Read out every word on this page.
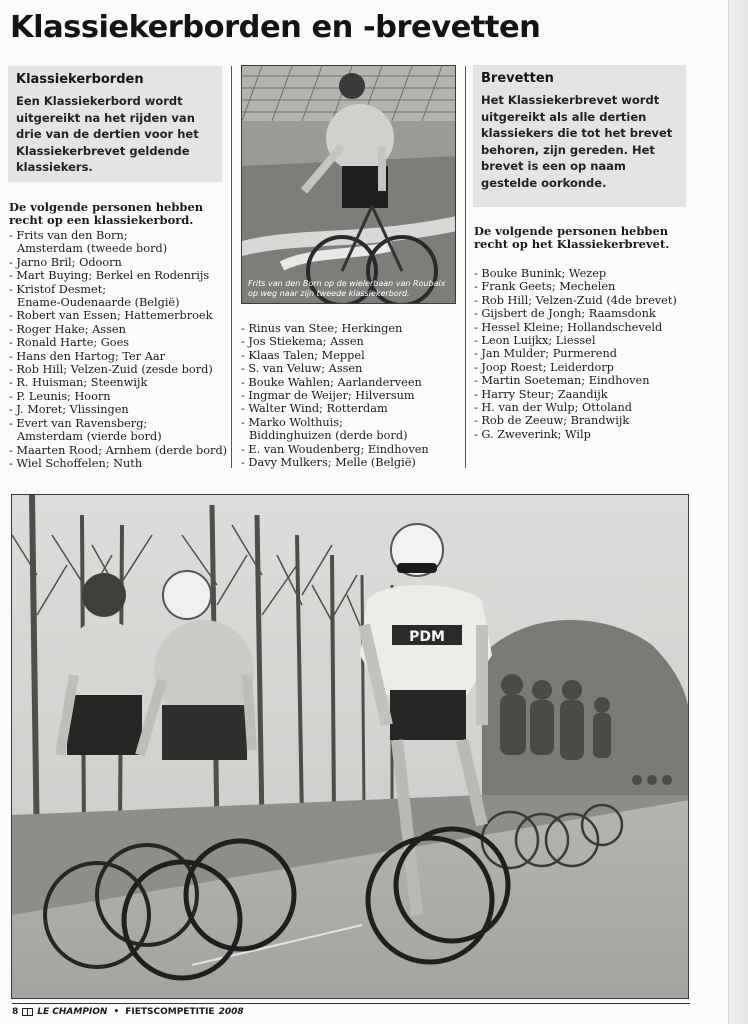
Klassiekerborden en -brevetten
Klassiekerborden

Een Klassiekerbord wordt uitgereikt na het rijden van drie van de dertien voor het Klassiekerbrevet geldende klassiekers.

Brevetten

Het Klassiekerbrevet wordt uitgereikt als alle dertien klassiekers die tot het brevet behoren, zijn gereden. Het brevet is een op naam gestelde oorkonde.

De volgende personen hebben recht op een klassiekerbord.
- Frits van den Born;
Amsterdam (tweede bord)
- Jarno Bril; Odoorn
- Mart Buying; Berkel en Rodenrijs
- Kristof Desmet;
Ename-Oudenaarde (België)
- Robert van Essen; Hattemerbroek
- Roger Hake; Assen
- Ronald Harte; Goes
- Hans den Hartog; Ter Aar
- Rob Hill; Velzen-Zuid (zesde bord)
- R. Huisman; Steenwijk
- P. Leunis; Hoorn
- J. Moret; Vlissingen
- Evert van Ravensberg;
Amsterdam (vierde bord)
- Maarten Rood; Arnhem (derde bord)
- Wiel Schoffelen; Nuth
- Rinus van Stee; Herkingen
- Jos Stiekema; Assen
- Klaas Talen; Meppel
- S. van Veluw; Assen
- Bouke Wahlen; Aarlanderveen
- Ingmar de Weijer; Hilversum
- Walter Wind; Rotterdam
- Marko Wolthuis;
Biddinghuizen (derde bord)
- E. van Woudenberg; Eindhoven
- Davy Mulkers; Melle (België)
De volgende personen hebben recht op het Klassiekerbrevet.
- Bouke Bunink; Wezep
- Frank Geets; Mechelen
- Rob Hill; Velzen-Zuid (4de brevet)
- Gijsbert de Jongh; Raamsdonk
- Hessel Kleine; Hollandscheveld
- Leon Luijkx; Liessel
- Jan Mulder; Purmerend
- Joop Roest; Leiderdorp
- Martin Soeteman; Eindhoven
- Harry Steur; Zaandijk
- H. van der Wulp; Ottoland
- Rob de Zeeuw; Brandwijk
- G. Zweverink; Wilp
Frits van den Born op de wielerbaan van Roubaix op weg naar zijn tweede klassiekerbord.
PDM
8 LE CHAMPION • FIETSCOMPETITIE 2008
